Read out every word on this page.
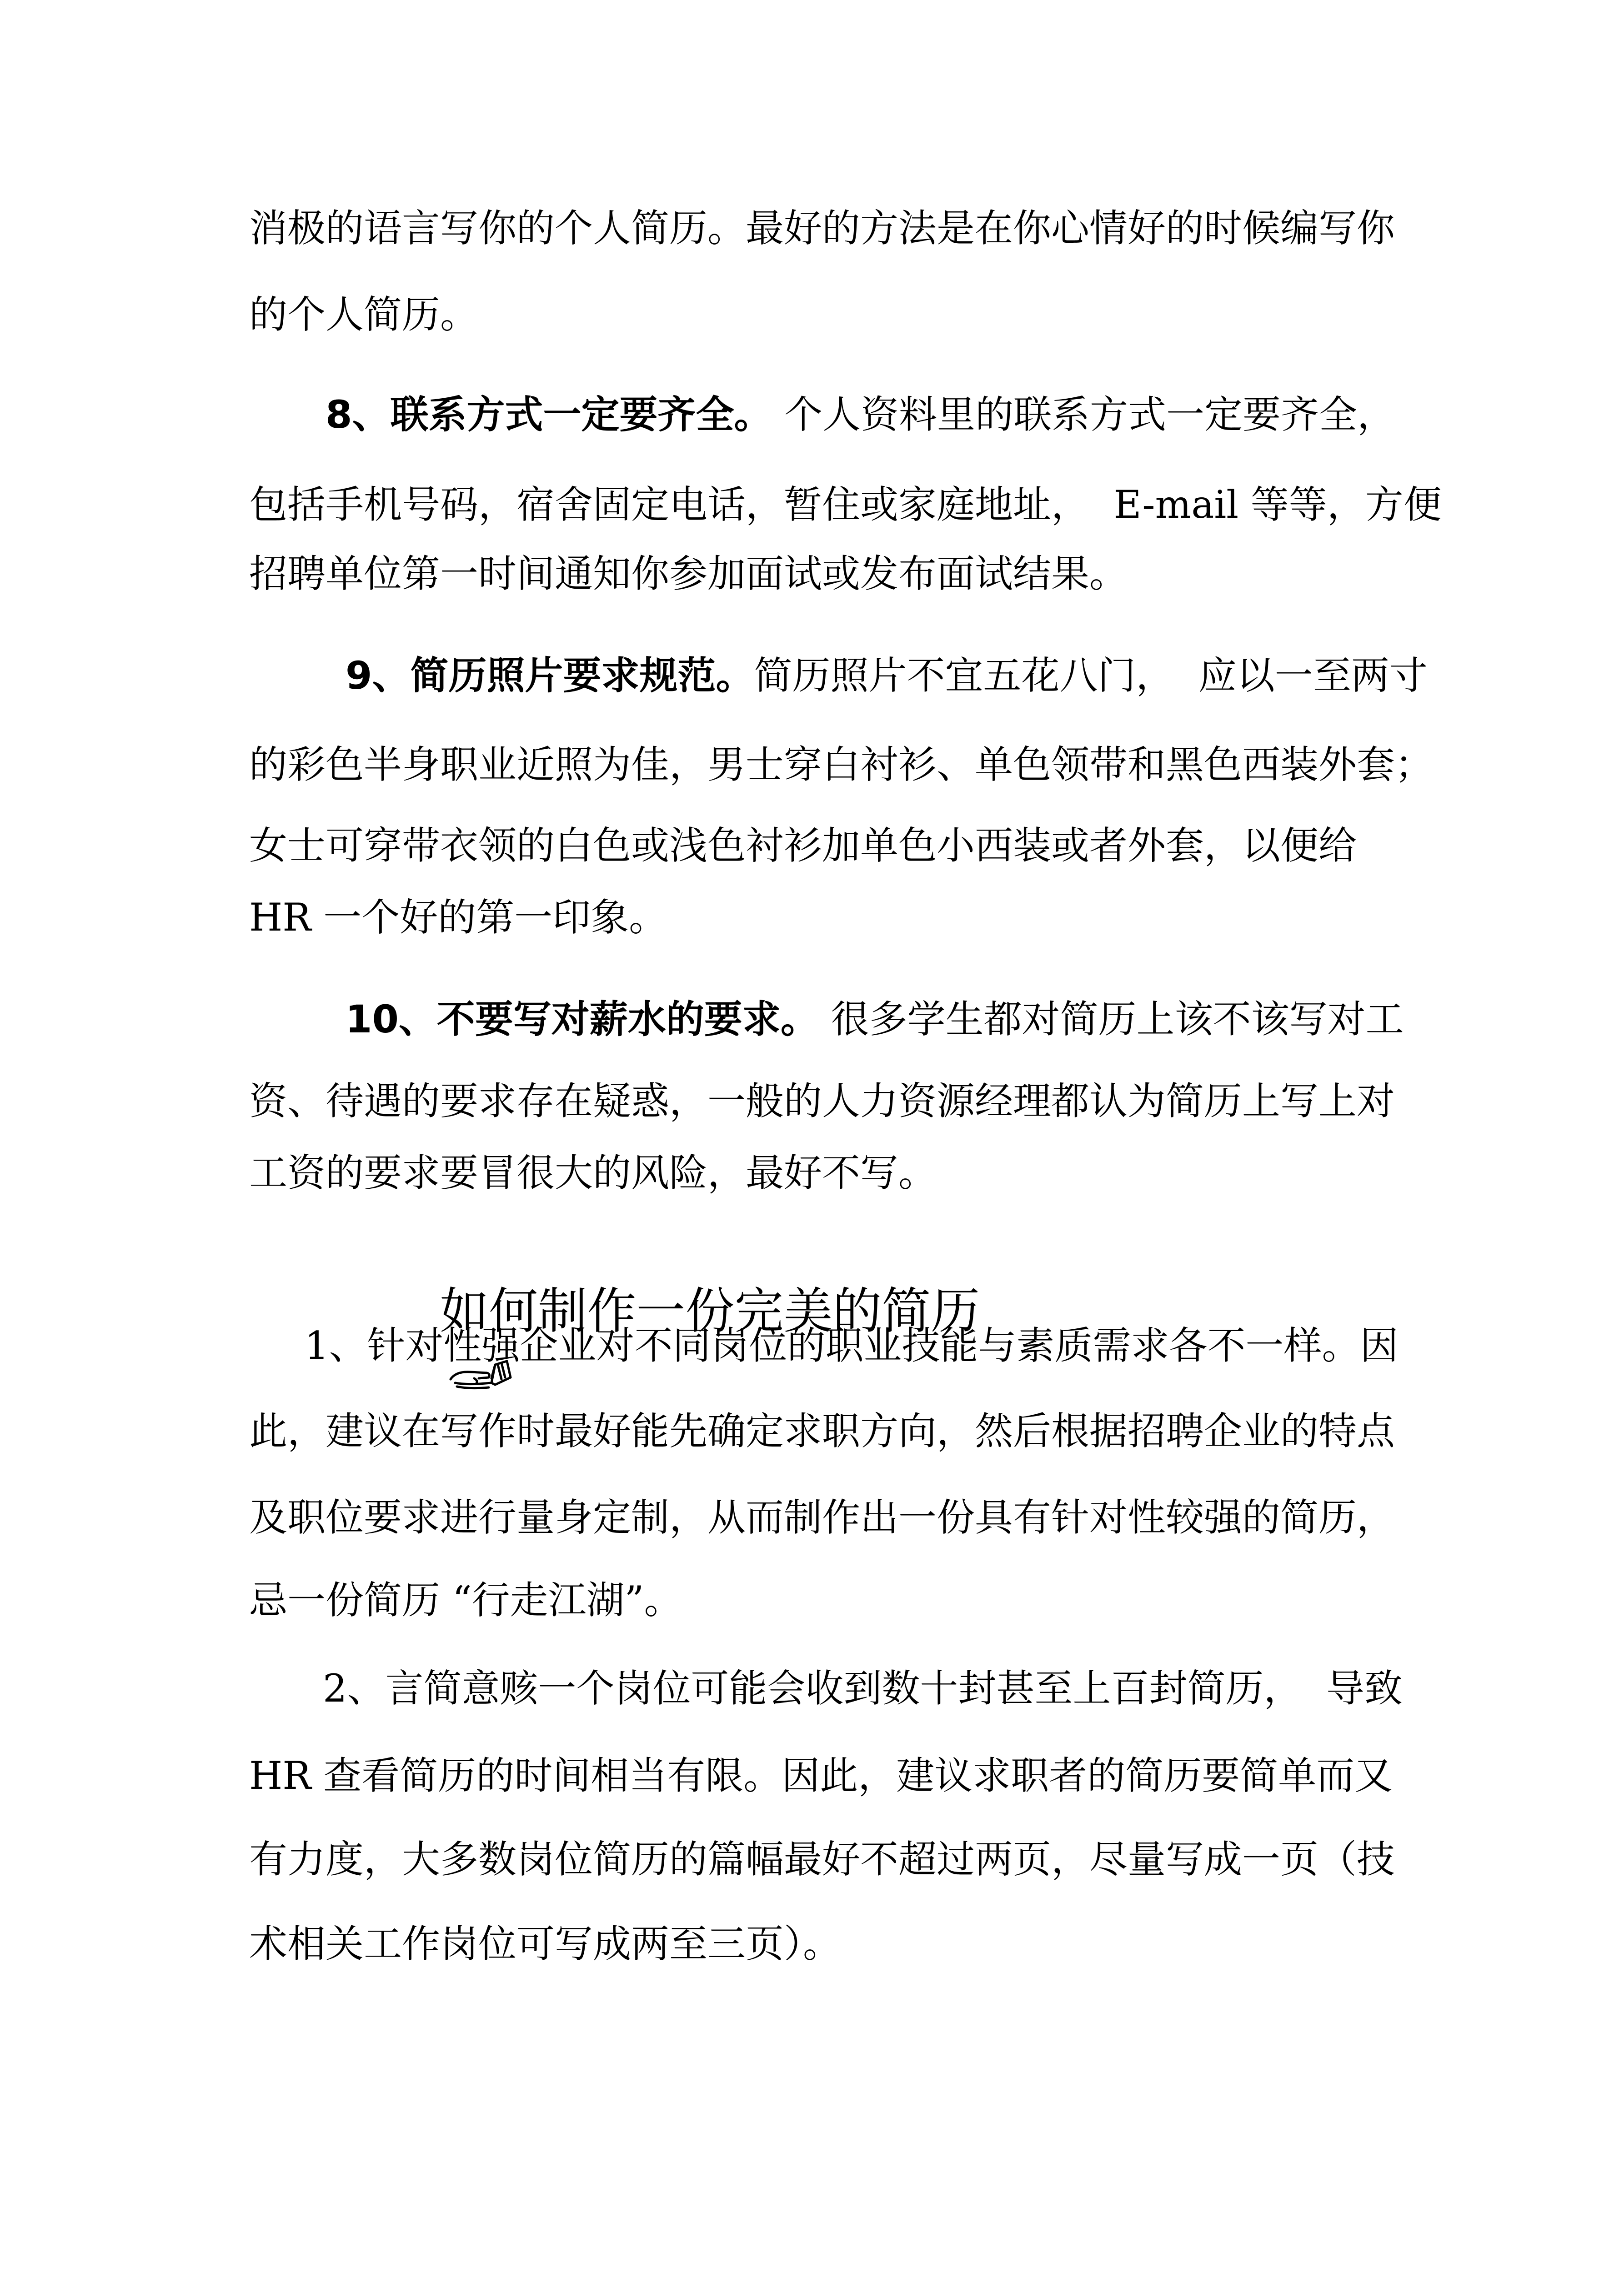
消极的语言写你的个人简历。最好的方法是在你心情好的时候编写你
的个人简历。
8、联系方式一定要齐全。 个人资料里的联系方式一定要齐全，
包括手机号码，宿舍固定电话，暂住或家庭地址，  E-mail 等等，方便
招聘单位第一时间通知你参加面试或发布面试结果。
9、简历照片要求规范。简历照片不宜五花八门，  应以一至两寸
的彩色半身职业近照为佳，男士穿白衬衫、单色领带和黑色西装外套；
女士可穿带衣领的白色或浅色衬衫加单色小西装或者外套，以便给
HR 一个好的第一印象。
10、不要写对薪水的要求。 很多学生都对简历上该不该写对工
资、待遇的要求存在疑惑，一般的人力资源经理都认为简历上写上对
工资的要求要冒很大的风险，最好不写。

如何制作一份完美的简历

1、针对性强企业对不同岗位的职业技能与素质需求各不一样。因
此，建议在写作时最好能先确定求职方向，然后根据招聘企业的特点
及职位要求进行量身定制，从而制作出一份具有针对性较强的简历，
忌一份简历 “行走江湖”。
2、言简意赅一个岗位可能会收到数十封甚至上百封简历，  导致
HR 查看简历的时间相当有限。因此，建议求职者的简历要简单而又
有力度，大多数岗位简历的篇幅最好不超过两页，尽量写成一页（技
术相关工作岗位可写成两至三页）。
